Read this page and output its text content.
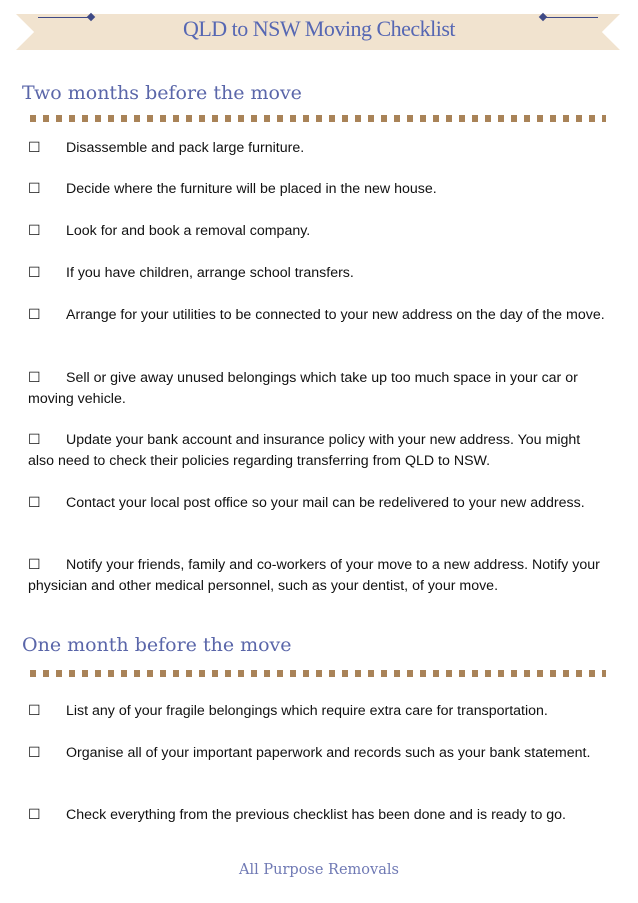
QLD to NSW Moving Checklist
Two months before the move

☐ Disassemble and pack large furniture.

☐ Decide where the furniture will be placed in the new house.

☐ Look for and book a removal company.

☐ If you have children, arrange school transfers.

☐ Arrange for your utilities to be connected to your new address on the day of the move.

☐ Sell or give away unused belongings which take up too much space in your car or moving vehicle.

☐ Update your bank account and insurance policy with your new address. You might also need to check their policies regarding transferring from QLD to NSW.

☐ Contact your local post office so your mail can be redelivered to your new address.

☐ Notify your friends, family and co-workers of your move to a new address. Notify your physician and other medical personnel, such as your dentist, of your move.

One month before the move

☐ List any of your fragile belongings which require extra care for transportation.

☐ Organise all of your important paperwork and records such as your bank statement.

☐ Check everything from the previous checklist has been done and is ready to go.

All Purpose Removals
